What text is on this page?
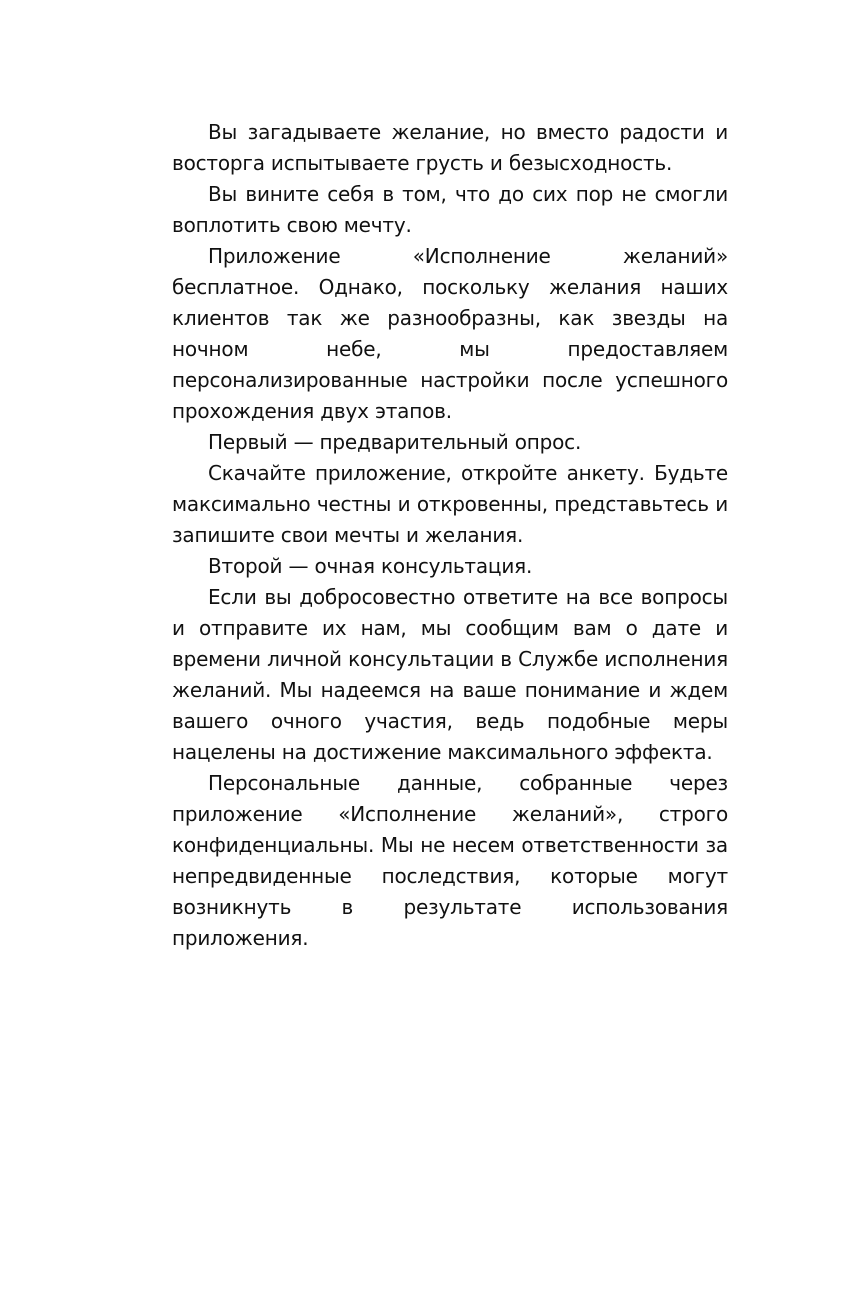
Вы загадываете желание, но вместо радости и восторга испытываете грусть и безысходность.

Вы вините себя в том, что до сих пор не смогли воплотить свою мечту.

Приложение «Исполнение желаний» бесплатное. Однако, поскольку желания наших клиентов так же разнообразны, как звезды на ночном небе, мы предоставляем персонализированные настройки после успешного прохождения двух этапов.

Первый — предварительный опрос.

Скачайте приложение, откройте анкету. Будьте максимально честны и откровенны, представьтесь и запишите свои мечты и желания.

Второй — очная консультация.

Если вы добросовестно ответите на все вопросы и отправите их нам, мы сообщим вам о дате и времени личной консультации в Службе исполнения желаний. Мы надеемся на ваше понимание и ждем вашего очного участия, ведь подобные меры нацелены на достижение максимального эффекта.

Персональные данные, собранные через приложение «Исполнение желаний», строго конфиденциальны. Мы не несем ответственности за непредвиденные последствия, которые могут возникнуть в результате использования приложения.
